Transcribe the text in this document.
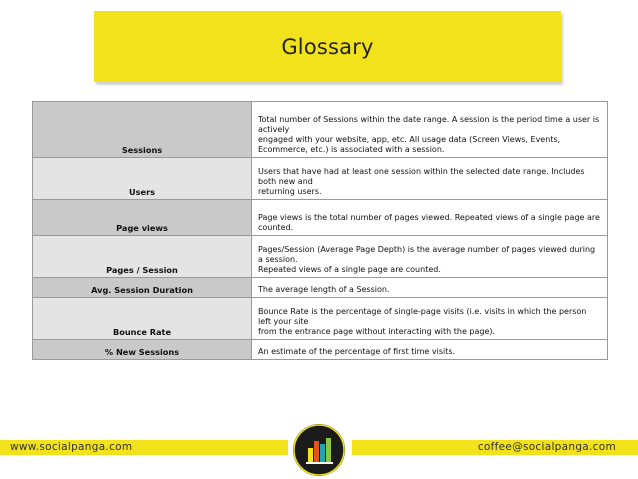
Glossary
Sessions	Total number of Sessions within the date range. A session is the period time a user is actively
engaged with your website, app, etc. All usage data (Screen Views, Events, Ecommerce, etc.) is associated with a session.

Users	Users that have had at least one session within the selected date range. Includes both new and
returning users.

Page views	Page views is the total number of pages viewed. Repeated views of a single page are counted.

Pages / Session	Pages/Session (Average Page Depth) is the average number of pages viewed during a session.
Repeated views of a single page are counted.

Avg. Session Duration	The average length of a Session.

Bounce Rate	Bounce Rate is the percentage of single-page visits (i.e. visits in which the person left your site
from the entrance page without interacting with the page).

% New Sessions	An estimate of the percentage of first time visits.
www.socialpanga.com	coffee@socialpanga.com
